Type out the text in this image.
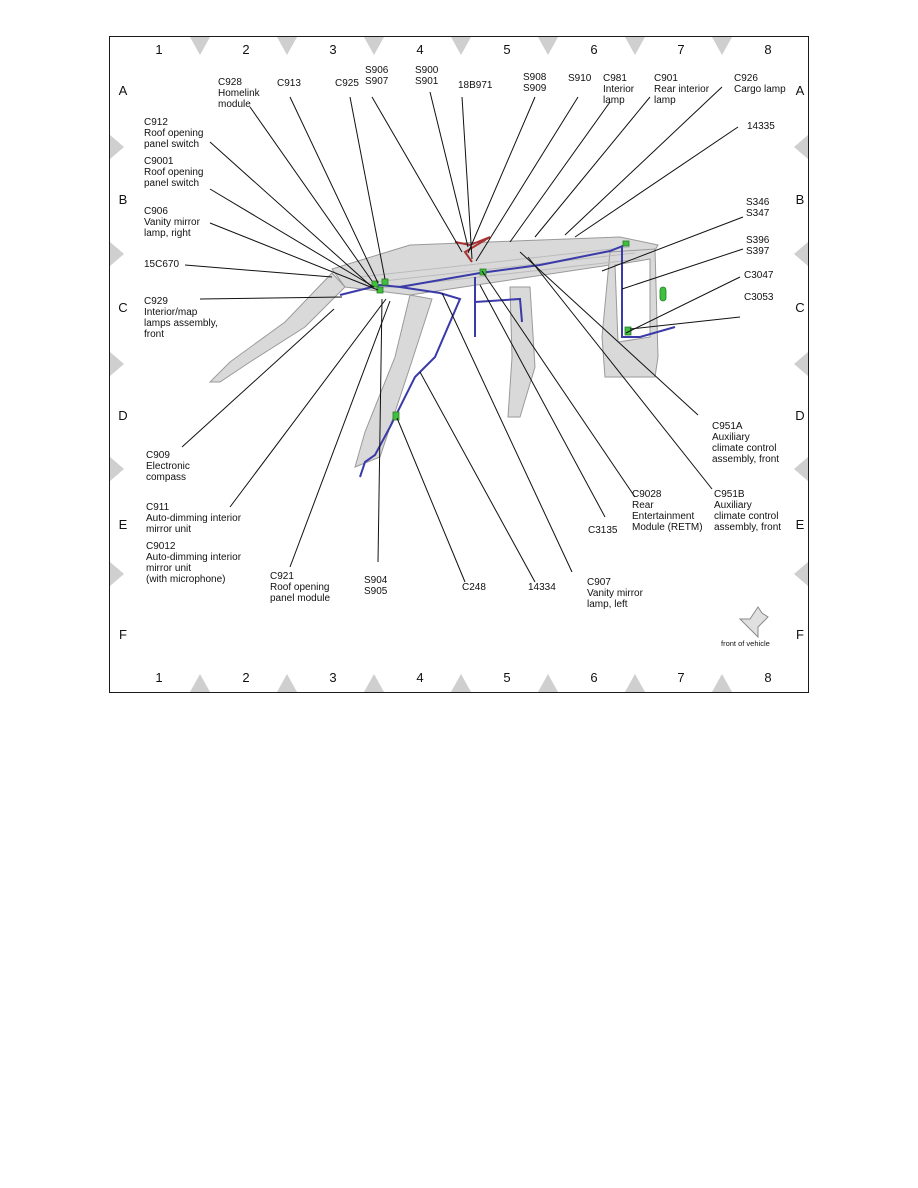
1	2	3	4	5	6	7	8
1	2	3	4	5	6	7	8
A
B
C
D
E
F
A
B
C
D
E
F
C928
Homelink
module
C913	C925
S906
S907
S900
S901 18B971
S908
S909
S910 C981
Interior
lamp
C901
Rear interior
lamp
C926
Cargo lamp
C912
Roof opening
panel switch
14335
C9001
Roof opening
panel switch
C906
Vanity mirror
lamp, right
S346
S347
S396
S397
15C670
C3047
C929
Interior/map
lamps assembly,
front
C3053
C951A
Auxiliary
climate control
assembly, front
C909
Electronic
compass
C9028
Rear
Entertainment
Module (RETM)
C951B
Auxiliary
climate control
assembly, front
C911
Auto-dimming interior
mirror unit	C3135
C9012
Auto-dimming interior
mirror unit
(with microphone)	C921
Roof opening
panel module
S904
S905	C248	14334	C907
Vanity mirror
lamp, left
front of vehicle
